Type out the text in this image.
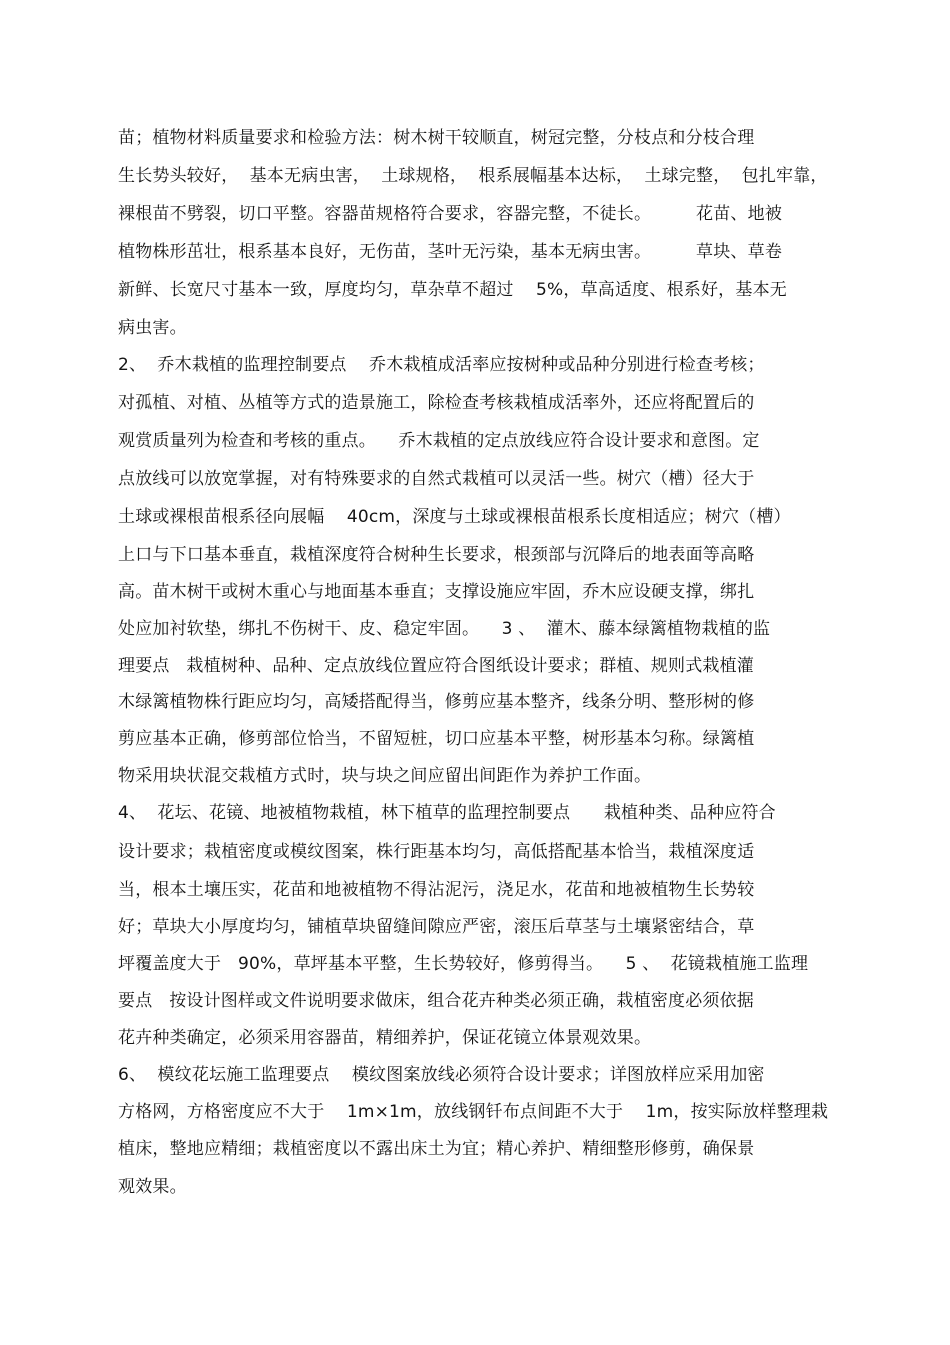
苗；植物材料质量要求和检验方法：树木树干较顺直，树冠完整，分枝点和分枝合理
生长势头较好，  基本无病虫害，  土球规格，  根系展幅基本达标，  土球完整，  包扎牢靠，
裸根苗不劈裂，切口平整。容器苗规格符合要求，容器完整，不徒长。        花苗、地被
植物株形茁壮，根系基本良好，无伤苗，茎叶无污染，基本无病虫害。        草块、草卷
新鲜、长宽尺寸基本一致，厚度均匀，草杂草不超过    5%，草高适度、根系好，基本无
病虫害。
2、  乔木栽植的监理控制要点    乔木栽植成活率应按树种或品种分别进行检查考核；
对孤植、对植、丛植等方式的造景施工，除检查考核栽植成活率外，还应将配置后的
观赏质量列为检查和考核的重点。    乔木栽植的定点放线应符合设计要求和意图。定
点放线可以放宽掌握，对有特殊要求的自然式栽植可以灵活一些。树穴（槽）径大于
土球或裸根苗根系径向展幅    40cm，深度与土球或裸根苗根系长度相适应；树穴（槽）
上口与下口基本垂直，栽植深度符合树种生长要求，根颈部与沉降后的地表面等高略
高。苗木树干或树木重心与地面基本垂直；支撑设施应牢固，乔木应设硬支撑，绑扎
处应加衬软垫，绑扎不伤树干、皮、稳定牢固。    3 、  灌木、藤本绿篱植物栽植的监
理要点   栽植树种、品种、定点放线位置应符合图纸设计要求；群植、规则式栽植灌
木绿篱植物株行距应均匀，高矮搭配得当，修剪应基本整齐，线条分明、整形树的修
剪应基本正确，修剪部位恰当，不留短桩，切口应基本平整，树形基本匀称。绿篱植
物采用块状混交栽植方式时，块与块之间应留出间距作为养护工作面。
4、  花坛、花镜、地被植物栽植，林下植草的监理控制要点      栽植种类、品种应符合
设计要求；栽植密度或模纹图案，株行距基本均匀，高低搭配基本恰当，栽植深度适
当，根本土壤压实，花苗和地被植物不得沾泥污，浇足水，花苗和地被植物生长势较
好；草块大小厚度均匀，铺植草块留缝间隙应严密，滚压后草茎与土壤紧密结合，草
坪覆盖度大于   90%，草坪基本平整，生长势较好，修剪得当。    5 、  花镜栽植施工监理
要点   按设计图样或文件说明要求做床，组合花卉种类必须正确，栽植密度必须依据
花卉种类确定，必须采用容器苗，精细养护，保证花镜立体景观效果。
6、  模纹花坛施工监理要点    模纹图案放线必须符合设计要求；详图放样应采用加密
方格网，方格密度应不大于    1m×1m，放线钢钎布点间距不大于    1m，按实际放样整理栽
植床，整地应精细；栽植密度以不露出床土为宜；精心养护、精细整形修剪，确保景
观效果。
